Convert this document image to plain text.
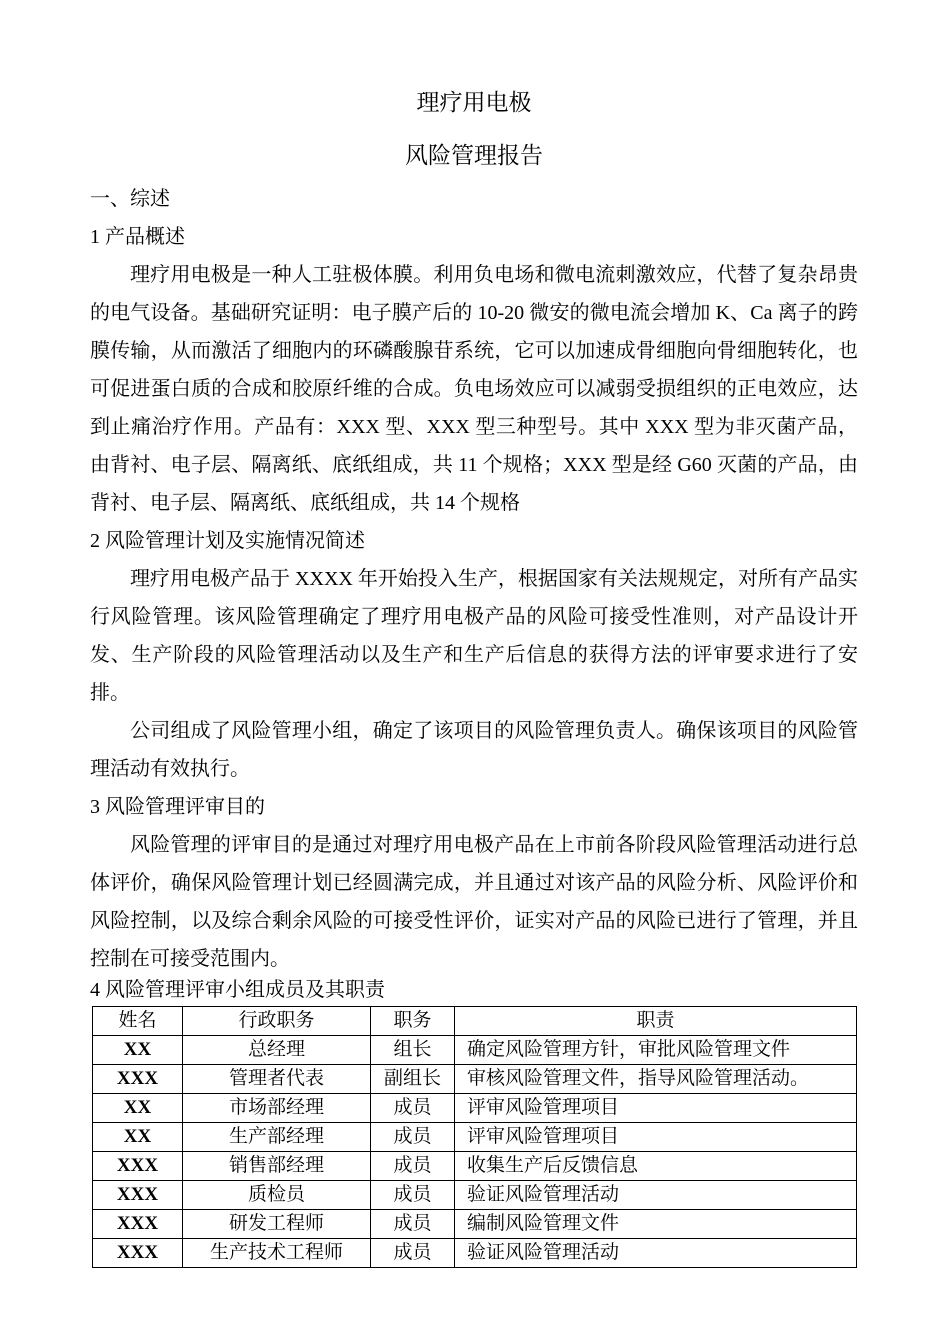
理疗用电极
风险管理报告
一、综述
1 产品概述
理疗用电极是一种人工驻极体膜。利用负电场和微电流刺激效应，代替了复杂昂贵的电气设备。基础研究证明：电子膜产后的 10-20 微安的微电流会增加 K、Ca 离子的跨膜传输，从而激活了细胞内的环磷酸腺苷系统，它可以加速成骨细胞向骨细胞转化，也可促进蛋白质的合成和胶原纤维的合成。负电场效应可以减弱受损组织的正电效应，达到止痛治疗作用。产品有：XXX 型、XXX 型三种型号。其中 XXX 型为非灭菌产品，由背衬、电子层、隔离纸、底纸组成，共 11 个规格；XXX 型是经 G60 灭菌的产品，由背衬、电子层、隔离纸、底纸组成，共 14 个规格
2 风险管理计划及实施情况简述
理疗用电极产品于 XXXX 年开始投入生产，根据国家有关法规规定，对所有产品实行风险管理。该风险管理确定了理疗用电极产品的风险可接受性准则，对产品设计开发、生产阶段的风险管理活动以及生产和生产后信息的获得方法的评审要求进行了安排。
公司组成了风险管理小组，确定了该项目的风险管理负责人。确保该项目的风险管理活动有效执行。
3 风险管理评审目的
风险管理的评审目的是通过对理疗用电极产品在上市前各阶段风险管理活动进行总体评价，确保风险管理计划已经圆满完成，并且通过对该产品的风险分析、风险评价和风险控制，以及综合剩余风险的可接受性评价，证实对产品的风险已进行了管理，并且控制在可接受范围内。
4 风险管理评审小组成员及其职责
姓名	行政职务	职务	职责
XX	总经理	组长	确定风险管理方针，审批风险管理文件
XXX	管理者代表	副组长	审核风险管理文件，指导风险管理活动。
XX	市场部经理	成员	评审风险管理项目
XX	生产部经理	成员	评审风险管理项目
XXX	销售部经理	成员	收集生产后反馈信息
XXX	质检员	成员	验证风险管理活动
XXX	研发工程师	成员	编制风险管理文件
XXX	生产技术工程师	成员	验证风险管理活动
